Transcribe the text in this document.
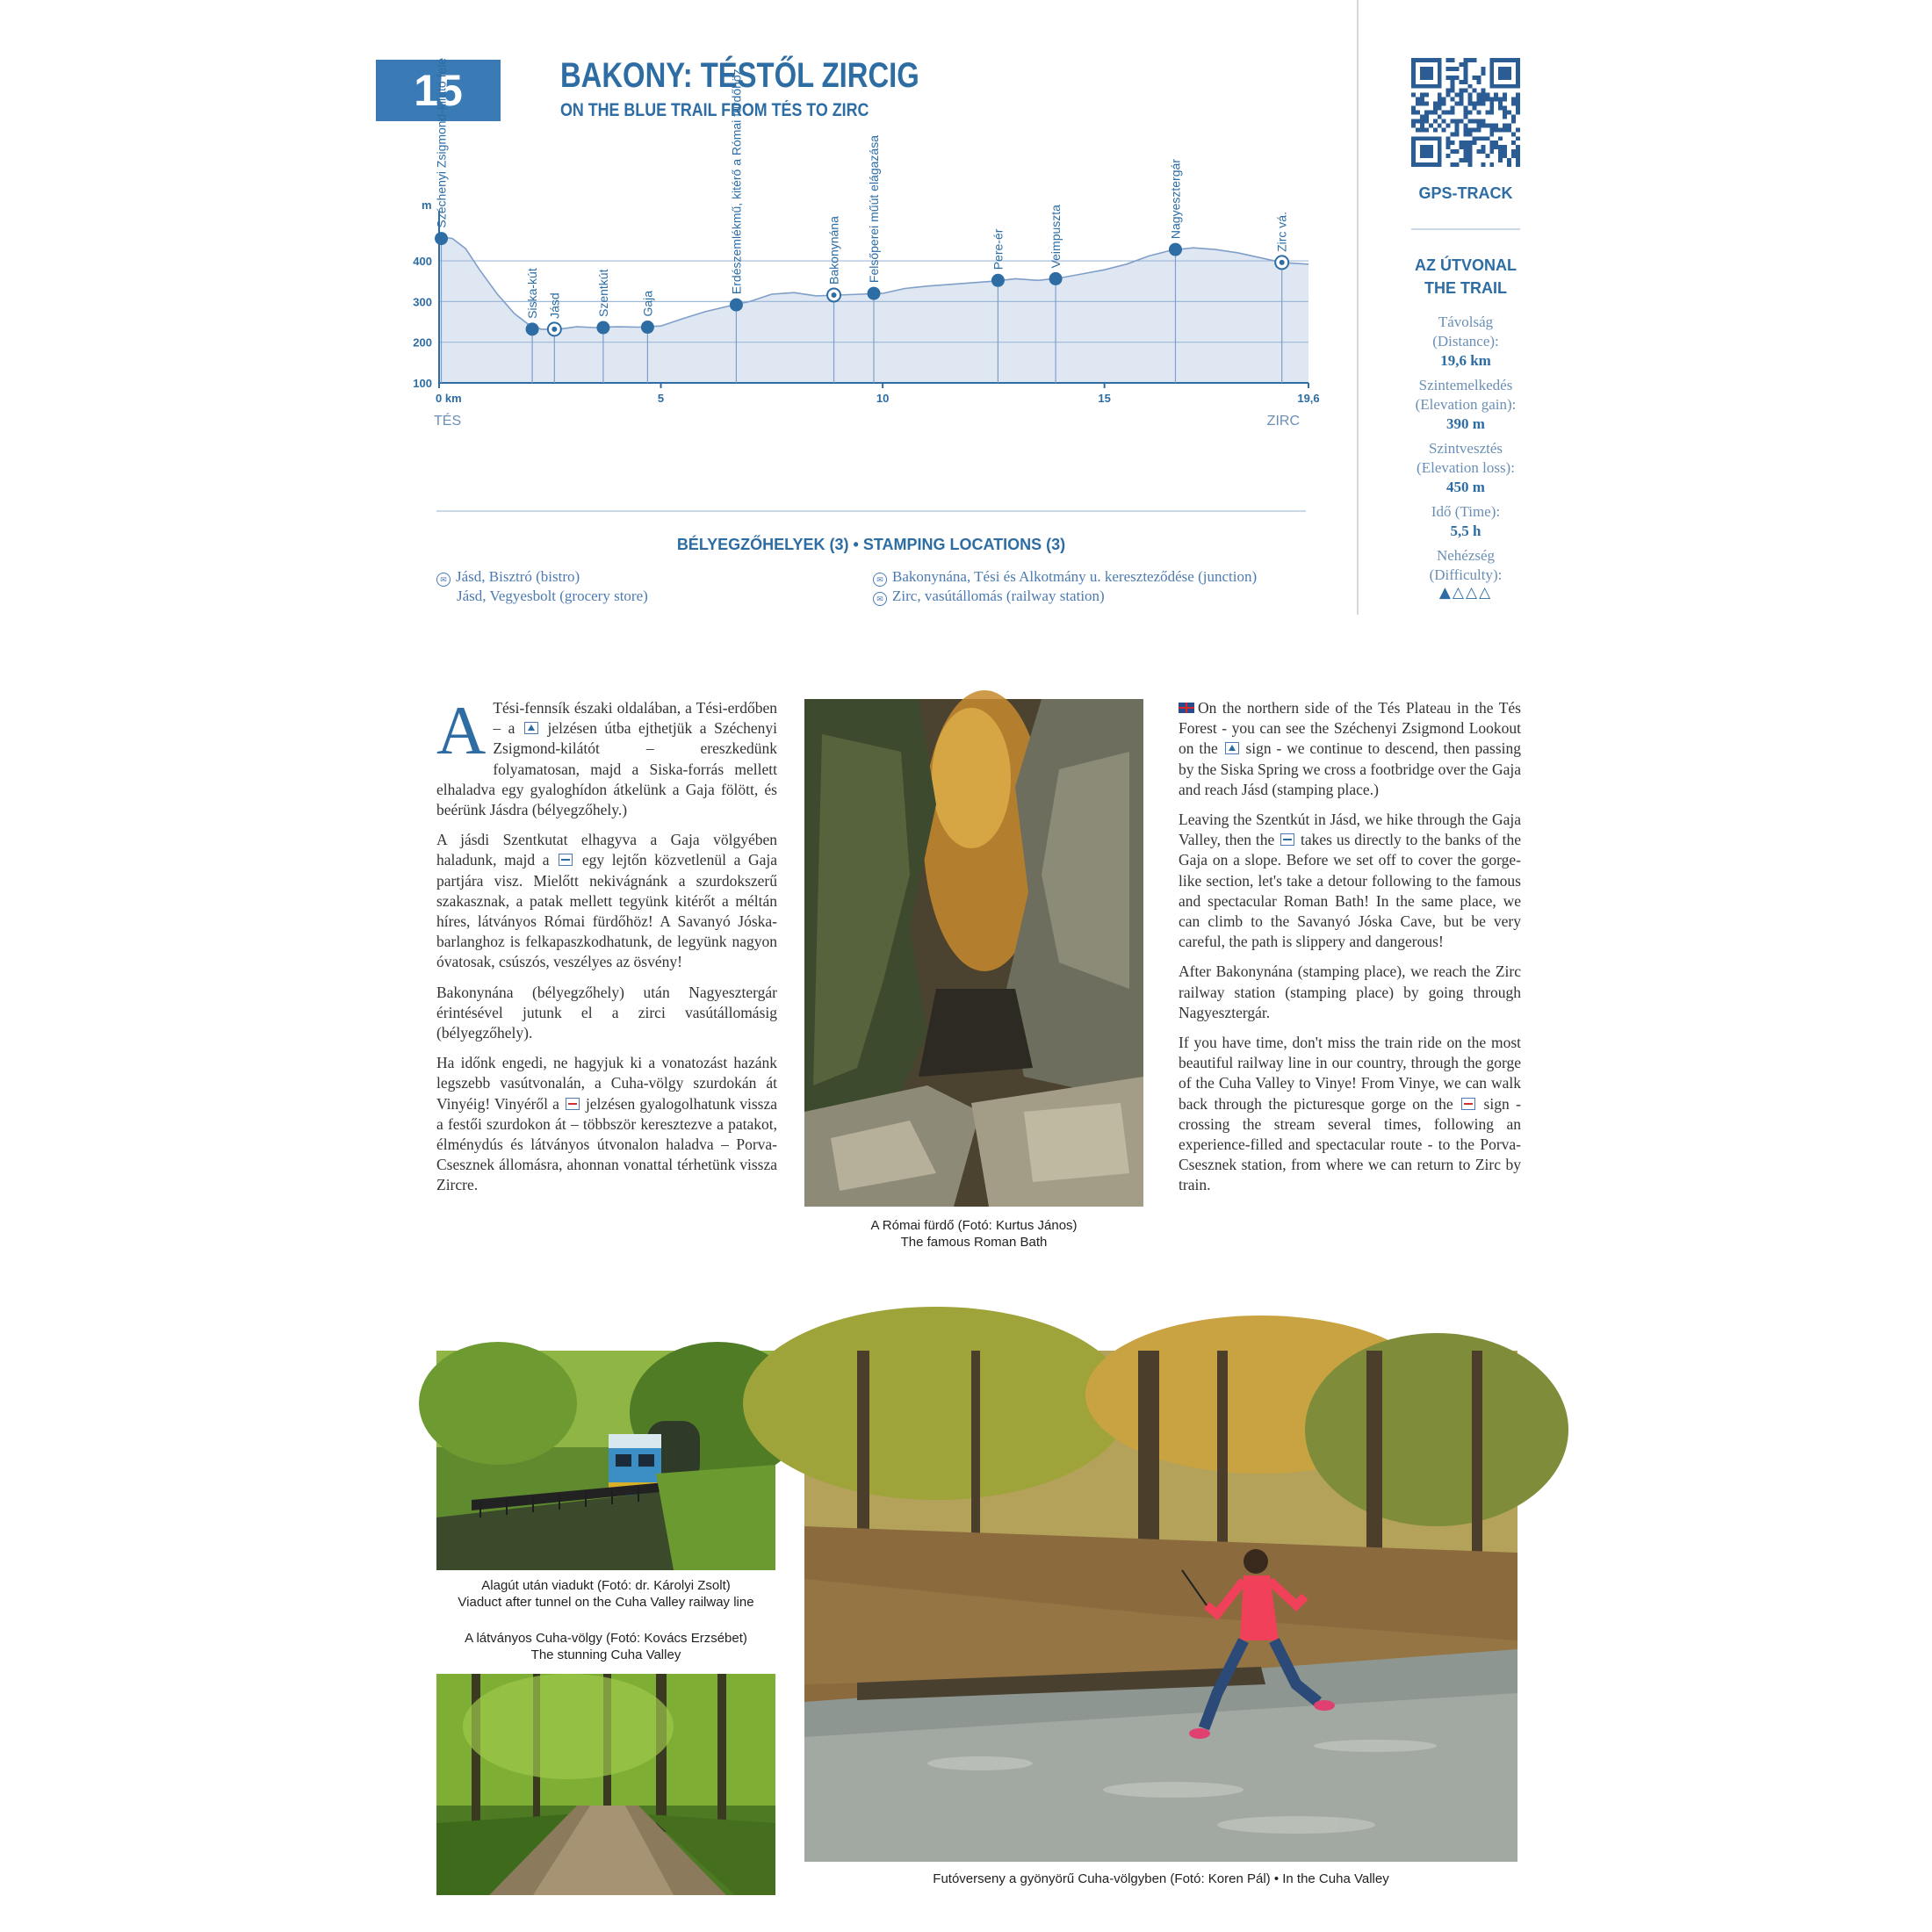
15	BAKONY: TÉSTŐL ZIRCIG
ON THE BLUE TRAIL FROM TÉS TO ZIRC
GPS-TRACK
AZ ÚTVONAL
THE TRAIL
Távolság
(Distance):
19,6 km
Szintemelkedés
(Elevation gain):
390 m
Szintvesztés
(Elevation loss):
450 m
Idő (Time):
5,5 h
Nehézség
(Difficulty):
▲△△△
m
400
300
200
100
0 km	5	10	15	19,6
TÉS	ZIRC
Széchenyi Zsigmond-kilátó felé
Siska-kút Jásd	Szentkút Gaja
Erdészemlékmű, kitérő a Római fürdőhöz	Bakonynána Felsőperei műút elágazása	Pere-ér	Veimpuszta	Nagyesztergár	Zirc vá.
BÉLYEGZŐHELYEK (3) • STAMPING LOCATIONS (3)
✉ Jásd, Bisztró (bistro)
Jásd, Vegyesbolt (grocery store)
✉ Bakonynána, Tési és Alkotmány u. kereszteződése (junction)
✉ Zirc, vasútállomás (railway station)

A Tési-fennsík északi oldalában, a Tési-erdőben – a jelzésen útba ejthetjük a Széchenyi Zsigmond-kilátót – ereszkedünk folyamatosan, majd a Siska-forrás mellett elhaladva egy gyaloghídon átkelünk a Gaja fölött, és beérünk Jásdra (bélyegzőhely.)

A jásdi Szentkutat elhagyva a Gaja völgyében haladunk, majd a egy lejtőn közvetlenül a Gaja partjára visz. Mielőtt nekivágnánk a szurdokszerű szakasznak, a patak mellett tegyünk kitérőt a méltán híres, látványos Római fürdőhöz! A Savanyó Jóska-barlanghoz is felkapaszkodhatunk, de legyünk nagyon óvatosak, csúszós, veszélyes az ösvény!

Bakonynána (bélyegzőhely) után Nagyesztergár érintésével jutunk el a zirci vasútállomásig (bélyegzőhely).

Ha időnk engedi, ne hagyjuk ki a vonatozást hazánk legszebb vasútvonalán, a Cuha-völgy szurdokán át Vinyéig! Vinyéről a jelzésen gyalogolhatunk vissza a festői szurdokon át – többször keresztezve a patakot, élménydús és látványos útvonalon haladva – Porva-Csesznek állomásra, ahonnan vonattal térhetünk vissza Zircre.

On the northern side of the Tés Plateau in the Tés Forest - you can see the Széchenyi Zsigmond Lookout on the sign - we continue to descend, then passing by the Siska Spring we cross a footbridge over the Gaja and reach Jásd (stamping place.)

Leaving the Szentkút in Jásd, we hike through the Gaja Valley, then the takes us directly to the banks of the Gaja on a slope. Before we set off to cover the gorge-like section, let's take a detour following to the famous and spectacular Roman Bath! In the same place, we can climb to the Savanyó Jóska Cave, but be very careful, the path is slippery and dangerous!

After Bakonynána (stamping place), we reach the Zirc railway station (stamping place) by going through Nagyesztergár.

If you have time, don't miss the train ride on the most beautiful railway line in our country, through the gorge of the Cuha Valley to Vinye! From Vinye, we can walk back through the picturesque gorge on the sign - crossing the stream several times, following an experience-filled and spectacular route - to the Porva-Csesznek station, from where we can return to Zirc by train.

A Római fürdő (Fotó: Kurtus János)
The famous Roman Bath
Alagút után viadukt (Fotó: dr. Károlyi Zsolt)
Viaduct after tunnel on the Cuha Valley railway line
A látványos Cuha-völgy (Fotó: Kovács Erzsébet)
The stunning Cuha Valley
Futóverseny a gyönyörű Cuha-völgyben (Fotó: Koren Pál) • In the Cuha Valley
